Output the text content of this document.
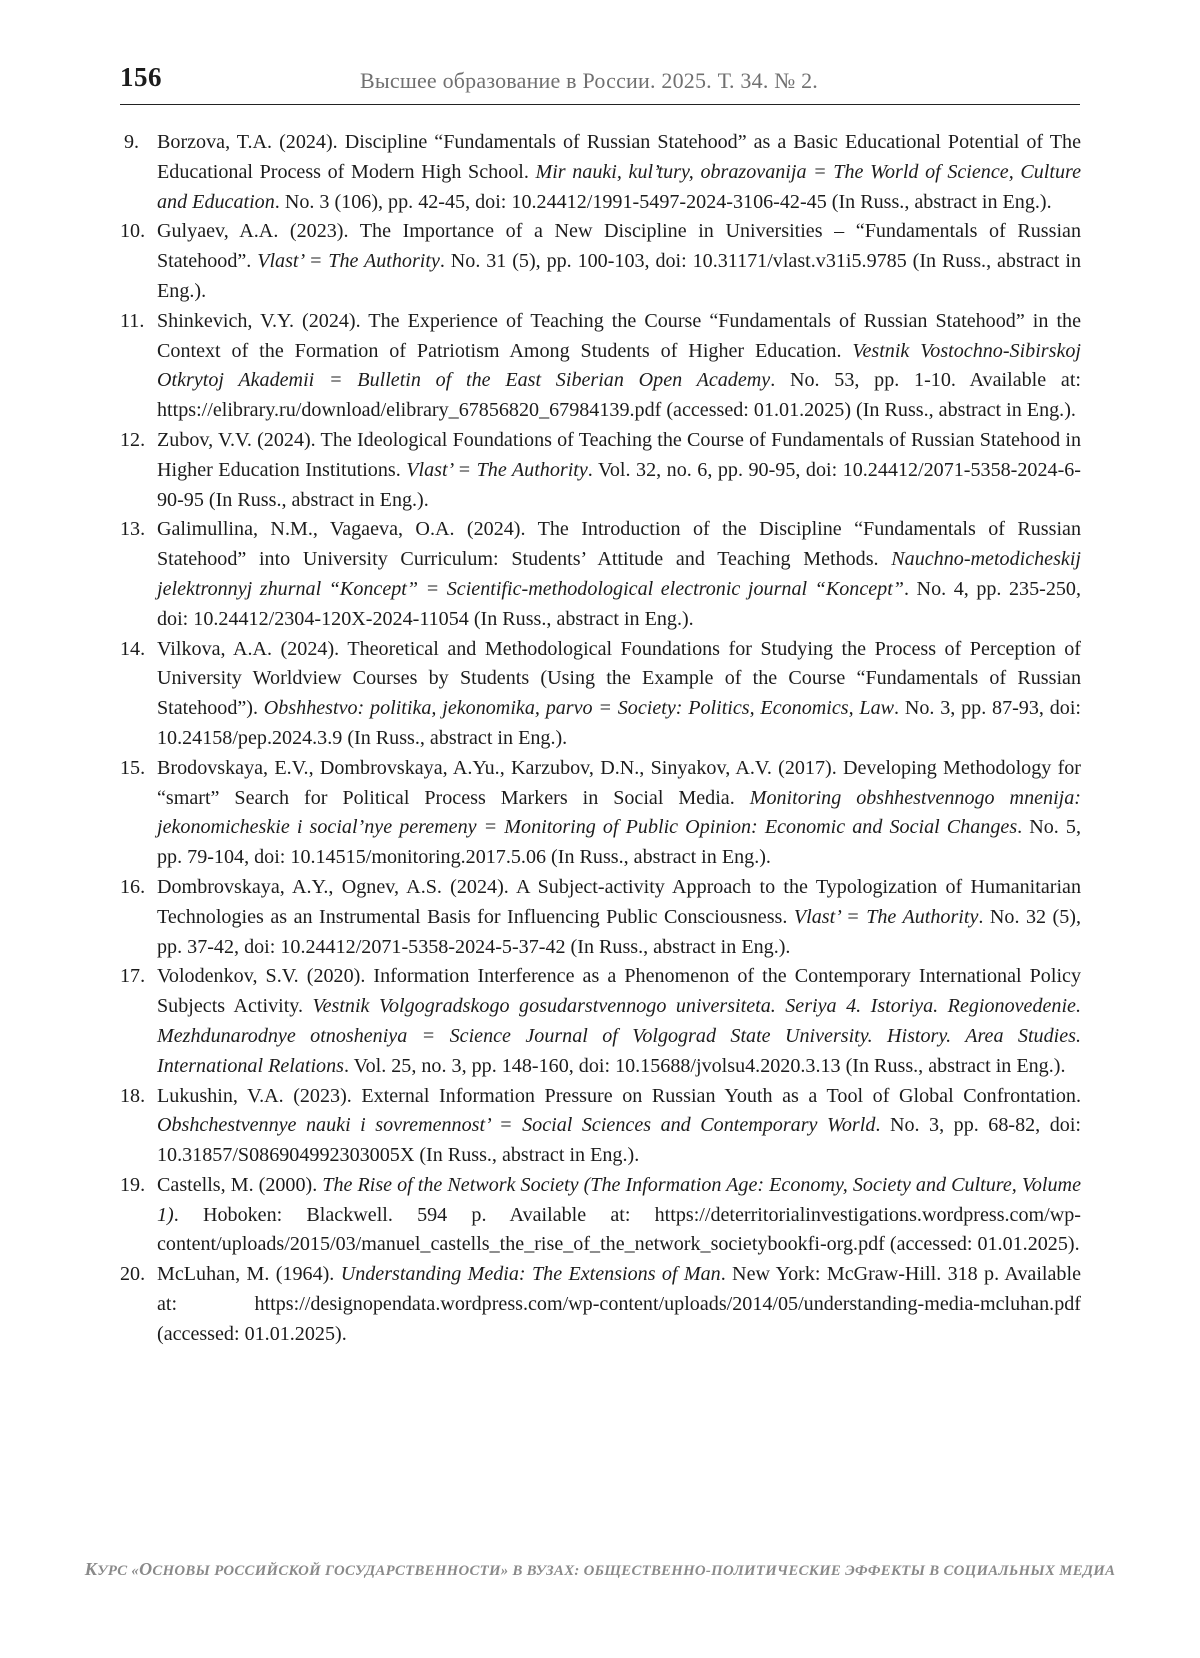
156	Высшее образование в России. 2025. Т. 34. № 2.
9. Borzova, T.A. (2024). Discipline “Fundamentals of Russian Statehood” as a Basic Educational Potential of The Educational Process of Modern High School. Mir nauki, kul’tury, obrazovanija = The World of Science, Culture and Education. No. 3 (106), pp. 42-45, doi: 10.24412/1991-5497-2024-3106-42-45 (In Russ., abstract in Eng.).
10. Gulyaev, A.A. (2023). The Importance of a New Discipline in Universities – “Fundamentals of Russian Statehood”. Vlast’ = The Authority. No. 31 (5), pp. 100-103, doi: 10.31171/vlast.v31i5.9785 (In Russ., abstract in Eng.).
11. Shinkevich, V.Y. (2024). The Experience of Teaching the Course “Fundamentals of Russian Statehood” in the Context of the Formation of Patriotism Among Students of Higher Education. Vestnik Vostochno-Sibirskoj Otkrytoj Akademii = Bulletin of the East Siberian Open Academy. No. 53, pp. 1-10. Available at: https://elibrary.ru/download/elibrary_67856820_67984139.pdf (accessed: 01.01.2025) (In Russ., abstract in Eng.).
12. Zubov, V.V. (2024). The Ideological Foundations of Teaching the Course of Fundamentals of Russian Statehood in Higher Education Institutions. Vlast’ = The Authority. Vol. 32, no. 6, pp. 90-95, doi: 10.24412/2071-5358-2024-6-90-95 (In Russ., abstract in Eng.).
13. Galimullina, N.M., Vagaeva, O.A. (2024). The Introduction of the Discipline “Fundamentals of Russian Statehood” into University Curriculum: Students’ Attitude and Teaching Methods. Nauchno-metodicheskij jelektronnyj zhurnal “Koncept” = Scientific-methodological electronic journal “Koncept”. No. 4, pp. 235-250, doi: 10.24412/2304-120X-2024-11054 (In Russ., abstract in Eng.).
14. Vilkova, A.A. (2024). Theoretical and Methodological Foundations for Studying the Process of Perception of University Worldview Courses by Students (Using the Example of the Course “Fundamentals of Russian Statehood”). Obshhestvo: politika, jekonomika, parvo = Society: Politics, Economics, Law. No. 3, pp. 87-93, doi: 10.24158/pep.2024.3.9 (In Russ., abstract in Eng.).
15. Brodovskaya, E.V., Dombrovskaya, A.Yu., Karzubov, D.N., Sinyakov, A.V. (2017). Developing Methodology for “smart” Search for Political Process Markers in Social Media. Monitoring obshhestvennogo mnenija: jekonomicheskie i social’nye peremeny = Monitoring of Public Opinion: Economic and Social Changes. No. 5, pp. 79-104, doi: 10.14515/monitoring.2017.5.06 (In Russ., abstract in Eng.).
16. Dombrovskaya, A.Y., Ognev, A.S. (2024). A Subject-activity Approach to the Typologization of Humanitarian Technologies as an Instrumental Basis for Influencing Public Consciousness. Vlast’ = The Authority. No. 32 (5), pp. 37-42, doi: 10.24412/2071-5358-2024-5-37-42 (In Russ., abstract in Eng.).
17. Volodenkov, S.V. (2020). Information Interference as a Phenomenon of the Contemporary International Policy Subjects Activity. Vestnik Volgogradskogo gosudarstvennogo universiteta. Seriya 4. Istoriya. Regionovedenie. Mezhdunarodnye otnosheniya = Science Journal of Volgograd State University. History. Area Studies. International Relations. Vol. 25, no. 3, pp. 148-160, doi: 10.15688/jvolsu4.2020.3.13 (In Russ., abstract in Eng.).
18. Lukushin, V.A. (2023). External Information Pressure on Russian Youth as a Tool of Global Confrontation. Obshchestvennye nauki i sovremennost’ = Social Sciences and Contemporary World. No. 3, pp. 68-82, doi: 10.31857/S086904992303005X (In Russ., abstract in Eng.).
19. Castells, M. (2000). The Rise of the Network Society (The Information Age: Economy, Society and Culture, Volume 1). Hoboken: Blackwell. 594 p. Available at: https://deterritorialinvestigations.wordpress.com/wp-content/uploads/2015/03/manuel_castells_the_rise_of_the_network_societybookfi-org.pdf (accessed: 01.01.2025).
20. McLuhan, M. (1964). Understanding Media: The Extensions of Man. New York: McGraw-Hill. 318 p. Available at: https://designopendata.wordpress.com/wp-content/uploads/2014/05/understanding-media-mcluhan.pdf (accessed: 01.01.2025).
КУРС «ОСНОВЫ РОССИЙСКОЙ ГОСУДАРСТВЕННОСТИ» В ВУЗАХ: ОБЩЕСТВЕННО-ПОЛИТИЧЕСКИЕ ЭФФЕКТЫ В СОЦИАЛЬНЫХ МЕДИА
